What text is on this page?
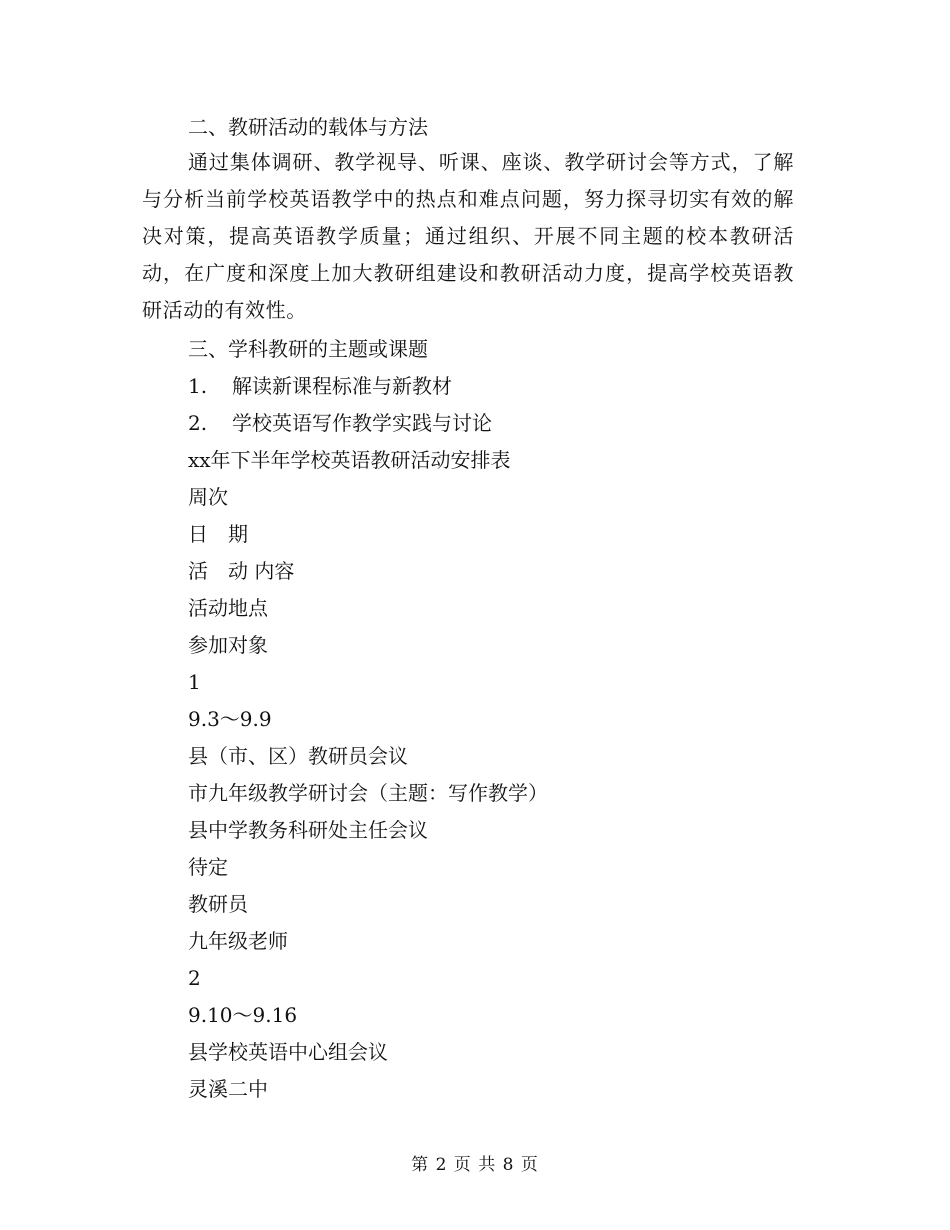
二、教研活动的载体与方法
通过集体调研、教学视导、听课、座谈、教学研讨会等方式，了解与分析当前学校英语教学中的热点和难点问题，努力探寻切实有效的解决对策，提高英语教学质量；通过组织、开展不同主题的校本教研活动，在广度和深度上加大教研组建设和教研活动力度，提高学校英语教研活动的有效性。
三、学科教研的主题或课题
1. 解读新课程标准与新教材
2. 学校英语写作教学实践与讨论
xx年下半年学校英语教研活动安排表
周次
日　期
活　动 内容
活动地点
参加对象
1
9.3～9.9
县（市、区）教研员会议
市九年级教学研讨会（主题：写作教学）
县中学教务科研处主任会议
待定
教研员
九年级老师
2
9.10～9.16
县学校英语中心组会议
灵溪二中
第 2 页 共 8 页
